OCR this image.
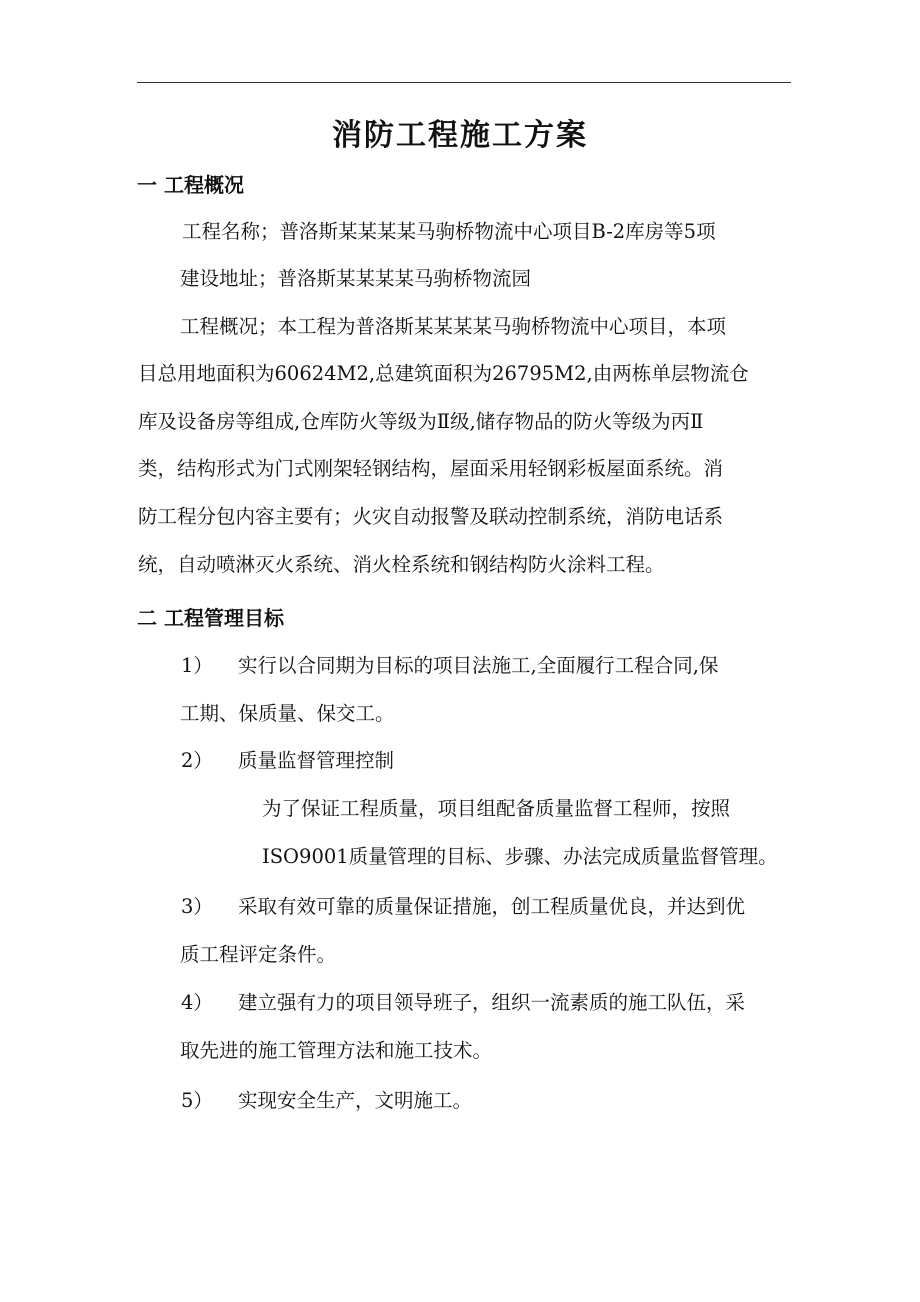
消防工程施工方案
一 工程概况
工程名称；普洛斯某某某某马驹桥物流中心项目B-2库房等5项
建设地址；普洛斯某某某某马驹桥物流园
工程概况；本工程为普洛斯某某某某马驹桥物流中心项目，本项
目总用地面积为60624M2,总建筑面积为26795M2,由两栋单层物流仓
库及设备房等组成,仓库防火等级为Ⅱ级,储存物品的防火等级为丙Ⅱ
类，结构形式为门式刚架轻钢结构，屋面采用轻钢彩板屋面系统。消
防工程分包内容主要有；火灾自动报警及联动控制系统，消防电话系
统，自动喷淋灭火系统、消火栓系统和钢结构防火涂料工程。
二 工程管理目标
1） 实行以合同期为目标的项目法施工,全面履行工程合同,保
工期、保质量、保交工。
2） 质量监督管理控制
为了保证工程质量，项目组配备质量监督工程师，按照
ISO9001质量管理的目标、步骤、办法完成质量监督管理。
3） 采取有效可靠的质量保证措施，创工程质量优良，并达到优
质工程评定条件。
4） 建立强有力的项目领导班子，组织一流素质的施工队伍，采
取先进的施工管理方法和施工技术。
5） 实现安全生产，文明施工。
